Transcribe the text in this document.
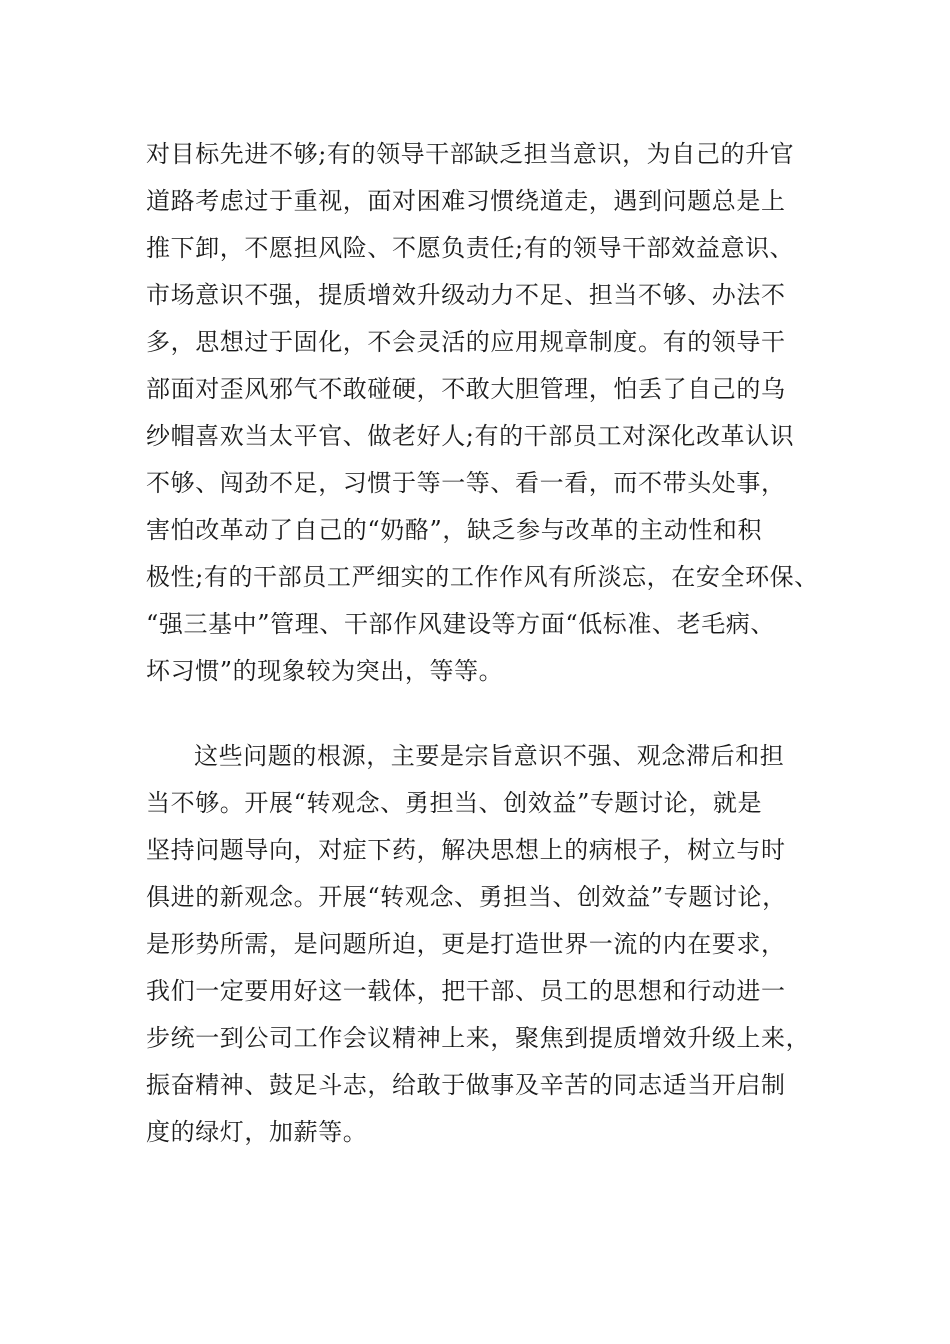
对目标先进不够;有的领导干部缺乏担当意识，为自己的升官

道路考虑过于重视，面对困难习惯绕道走，遇到问题总是上

推下卸，不愿担风险、不愿负责任;有的领导干部效益意识、

市场意识不强，提质增效升级动力不足、担当不够、办法不

多，思想过于固化，不会灵活的应用规章制度。有的领导干

部面对歪风邪气不敢碰硬，不敢大胆管理，怕丢了自己的乌

纱帽喜欢当太平官、做老好人;有的干部员工对深化改革认识

不够、闯劲不足，习惯于等一等、看一看，而不带头处事，

害怕改革动了自己的“奶酪”，缺乏参与改革的主动性和积

极性;有的干部员工严细实的工作作风有所淡忘，在安全环保、

“强三基中”管理、干部作风建设等方面“低标准、老毛病、

坏习惯”的现象较为突出，等等。

这些问题的根源，主要是宗旨意识不强、观念滞后和担

当不够。开展“转观念、勇担当、创效益”专题讨论，就是

坚持问题导向，对症下药，解决思想上的病根子，树立与时

俱进的新观念。开展“转观念、勇担当、创效益”专题讨论，

是形势所需，是问题所迫，更是打造世界一流的内在要求，

我们一定要用好这一载体，把干部、员工的思想和行动进一

步统一到公司工作会议精神上来，聚焦到提质增效升级上来，

振奋精神、鼓足斗志，给敢于做事及辛苦的同志适当开启制

度的绿灯，加薪等。
